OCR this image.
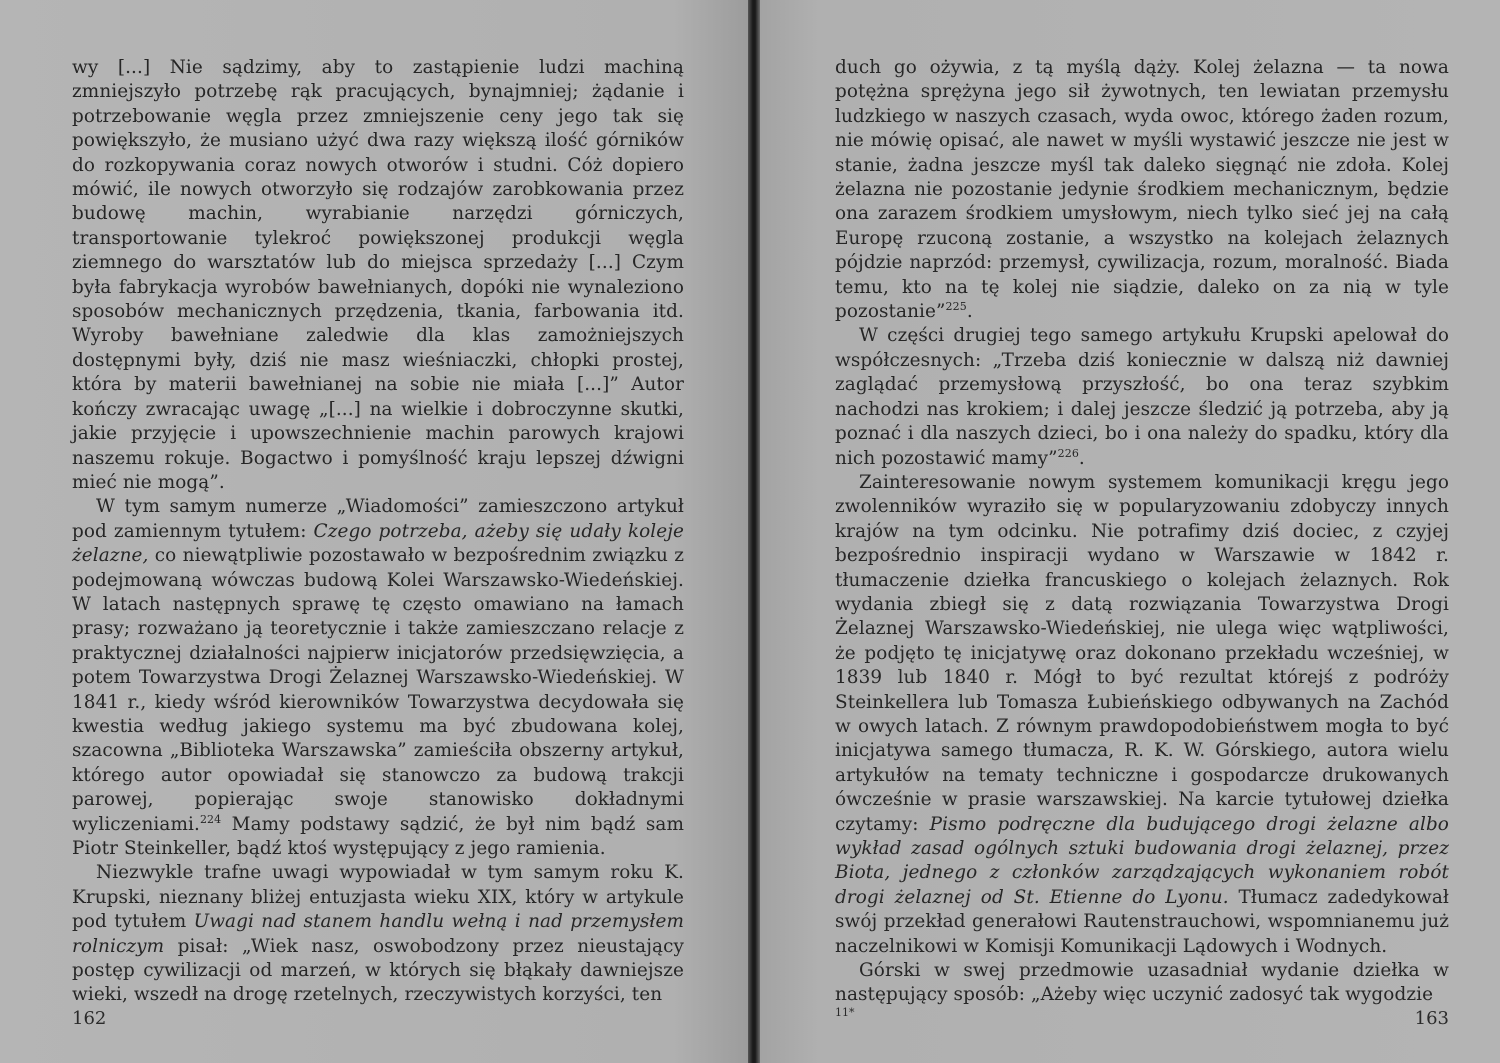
wy [...] Nie sądzimy, aby to zastąpienie ludzi machiną zmniejszyło potrzebę rąk pracujących, bynajmniej; żądanie i potrzebowanie węgla przez zmniejszenie ceny jego tak się powiększyło, że musiano użyć dwa razy większą ilość górników do rozkopywania coraz nowych otworów i studni. Cóż dopiero mówić, ile nowych otworzyło się rodzajów zarobkowania przez budowę machin, wyrabianie narzędzi górniczych, transportowanie tylekroć powiększonej produkcji węgla ziemnego do warsztatów lub do miejsca sprzedaży [...] Czym była fabrykacja wyrobów bawełnianych, dopóki nie wynaleziono sposobów mechanicznych przędzenia, tkania, farbowania itd. Wyroby bawełniane zaledwie dla klas zamożniejszych dostępnymi były, dziś nie masz wieśniaczki, chłopki prostej, która by materii bawełnianej na sobie nie miała [...]” Autor kończy zwracając uwagę „[...] na wielkie i dobroczynne skutki, jakie przyjęcie i upowszechnienie machin parowych krajowi naszemu rokuje. Bogactwo i pomyślność kraju lepszej dźwigni mieć nie mogą”.

W tym samym numerze „Wiadomości” zamieszczono artykuł pod zamiennym tytułem: Czego potrzeba, ażeby się udały koleje żelazne, co niewątpliwie pozostawało w bezpośrednim związku z podejmowaną wówczas budową Kolei Warszawsko-Wiedeńskiej. W latach następnych sprawę tę często omawiano na łamach prasy; rozważano ją teoretycznie i także zamieszczano relacje z praktycznej działalności najpierw inicjatorów przedsięwzięcia, a potem Towarzystwa Drogi Żelaznej Warszawsko-Wiedeńskiej. W 1841 r., kiedy wśród kierowników Towarzystwa decydowała się kwestia według jakiego systemu ma być zbudowana kolej, szacowna „Biblioteka Warszawska” zamieściła obszerny artykuł, którego autor opowiadał się stanowczo za budową trakcji parowej, popierając swoje stanowisko dokładnymi wyliczeniami.$^{224}$ Mamy podstawy sądzić, że był nim bądź sam Piotr Steinkeller, bądź ktoś występujący z jego ramienia.

Niezwykle trafne uwagi wypowiadał w tym samym roku K. Krupski, nieznany bliżej entuzjasta wieku XIX, który w artykule pod tytułem Uwagi nad stanem handlu wełną i nad przemysłem rolniczym pisał: „Wiek nasz, oswobodzony przez nieustający postęp cywilizacji od marzeń, w których się błąkały dawniejsze wieki, wszedł na drogę rzetelnych, rzeczywistych korzyści, ten

162

duch go ożywia, z tą myślą dąży. Kolej żelazna — ta nowa potężna sprężyna jego sił żywotnych, ten lewiatan przemysłu ludzkiego w naszych czasach, wyda owoc, którego żaden rozum, nie mówię opisać, ale nawet w myśli wystawić jeszcze nie jest w stanie, żadna jeszcze myśl tak daleko sięgnąć nie zdoła. Kolej żelazna nie pozostanie jedynie środkiem mechanicznym, będzie ona zarazem środkiem umysłowym, niech tylko sieć jej na całą Europę rzuconą zostanie, a wszystko na kolejach żelaznych pójdzie naprzód: przemysł, cywilizacja, rozum, moralność. Biada temu, kto na tę kolej nie siądzie, daleko on za nią w tyle pozostanie”$^{225}$.

W części drugiej tego samego artykułu Krupski apelował do współczesnych: „Trzeba dziś koniecznie w dalszą niż dawniej zaglądać przemysłową przyszłość, bo ona teraz szybkim nachodzi nas krokiem; i dalej jeszcze śledzić ją potrzeba, aby ją poznać i dla naszych dzieci, bo i ona należy do spadku, który dla nich pozostawić mamy”$^{226}$.

Zainteresowanie nowym systemem komunikacji kręgu jego zwolenników wyraziło się w popularyzowaniu zdobyczy innych krajów na tym odcinku. Nie potrafimy dziś dociec, z czyjej bezpośrednio inspiracji wydano w Warszawie w 1842 r. tłumaczenie dziełka francuskiego o kolejach żelaznych. Rok wydania zbiegł się z datą rozwiązania Towarzystwa Drogi Żelaznej Warszawsko-Wiedeńskiej, nie ulega więc wątpliwości, że podjęto tę inicjatywę oraz dokonano przekładu wcześniej, w 1839 lub 1840 r. Mógł to być rezultat którejś z podróży Steinkellera lub Tomasza Łubieńskiego odbywanych na Zachód w owych latach. Z równym prawdopodobieństwem mogła to być inicjatywa samego tłumacza, R. K. W. Górskiego, autora wielu artykułów na tematy techniczne i gospodarcze drukowanych ówcześnie w prasie warszawskiej. Na karcie tytułowej dziełka czytamy: Pismo podręczne dla budującego drogi żelazne albo wykład zasad ogólnych sztuki budowania drogi żelaznej, przez Biota, jednego z członków zarządzających wykonaniem robót drogi żelaznej od St. Etienne do Lyonu. Tłumacz zadedykował swój przekład generałowi Rautenstrauchowi, wspomnianemu już naczelnikowi w Komisji Komunikacji Lądowych i Wodnych.

Górski w swej przedmowie uzasadniał wydanie dziełka w następujący sposób: „Ażeby więc uczynić zadosyć tak wygodzie

11*	163
